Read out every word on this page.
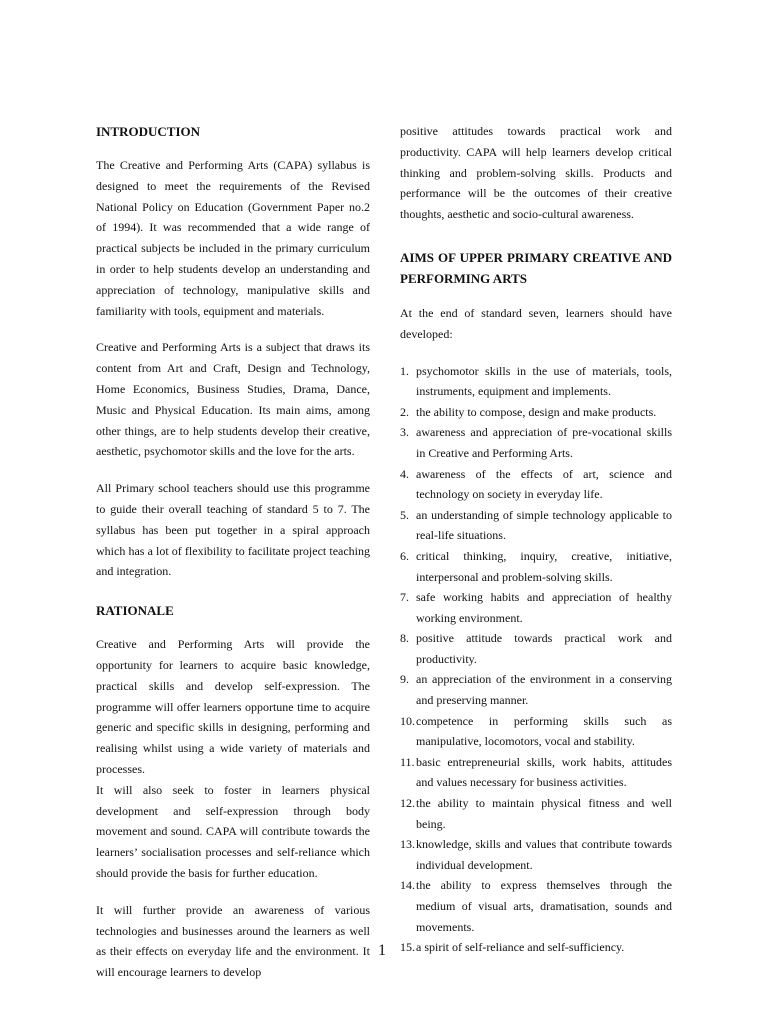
INTRODUCTION

The Creative and Performing Arts (CAPA) syllabus is designed to meet the requirements of the Revised National Policy on Education (Government Paper no.2 of 1994). It was recommended that a wide range of practical subjects be included in the primary curriculum in order to help students develop an understanding and appreciation of technology, manipulative skills and familiarity with tools, equipment and materials.

Creative and Performing Arts is a subject that draws its content from Art and Craft, Design and Technology, Home Economics, Business Studies, Drama, Dance, Music and Physical Education. Its main aims, among other things, are to help students develop their creative, aesthetic, psychomotor skills and the love for the arts.

All Primary school teachers should use this programme to guide their overall teaching of standard 5 to 7. The syllabus has been put together in a spiral approach which has a lot of flexibility to facilitate project teaching and integration.

RATIONALE

Creative and Performing Arts will provide the opportunity for learners to acquire basic knowledge, practical skills and develop self-expression. The programme will offer learners opportune time to acquire generic and specific skills in designing, performing and realising whilst using a wide variety of materials and processes.

It will also seek to foster in learners physical development and self-expression through body movement and sound. CAPA will contribute towards the learners’ socialisation processes and self-reliance which should provide the basis for further education.

It will further provide an awareness of various technologies and businesses around the learners as well as their effects on everyday life and the environment. It will encourage learners to develop

positive attitudes towards practical work and productivity. CAPA will help learners develop critical thinking and problem-solving skills. Products and performance will be the outcomes of their creative thoughts, aesthetic and socio-cultural awareness.

AIMS OF UPPER PRIMARY CREATIVE AND PERFORMING ARTS

At the end of standard seven, learners should have developed:

1. psychomotor skills in the use of materials, tools, instruments, equipment and implements.
2. the ability to compose, design and make products.
3. awareness and appreciation of pre-vocational skills in Creative and Performing Arts.
4. awareness of the effects of art, science and technology on society in everyday life.
5. an understanding of simple technology applicable to real-life situations.
6. critical thinking, inquiry, creative, initiative, interpersonal and problem-solving skills.
7. safe working habits and appreciation of healthy working environment.
8. positive attitude towards practical work and productivity.
9. an appreciation of the environment in a conserving and preserving manner.
10. competence in performing skills such as manipulative, locomotors, vocal and stability.
11. basic entrepreneurial skills, work habits, attitudes and values necessary for business activities.
12. the ability to maintain physical fitness and well being.
13. knowledge, skills and values that contribute towards individual development.
14. the ability to express themselves through the medium of visual arts, dramatisation, sounds and movements.
15. a spirit of self-reliance and self-sufficiency.
1
